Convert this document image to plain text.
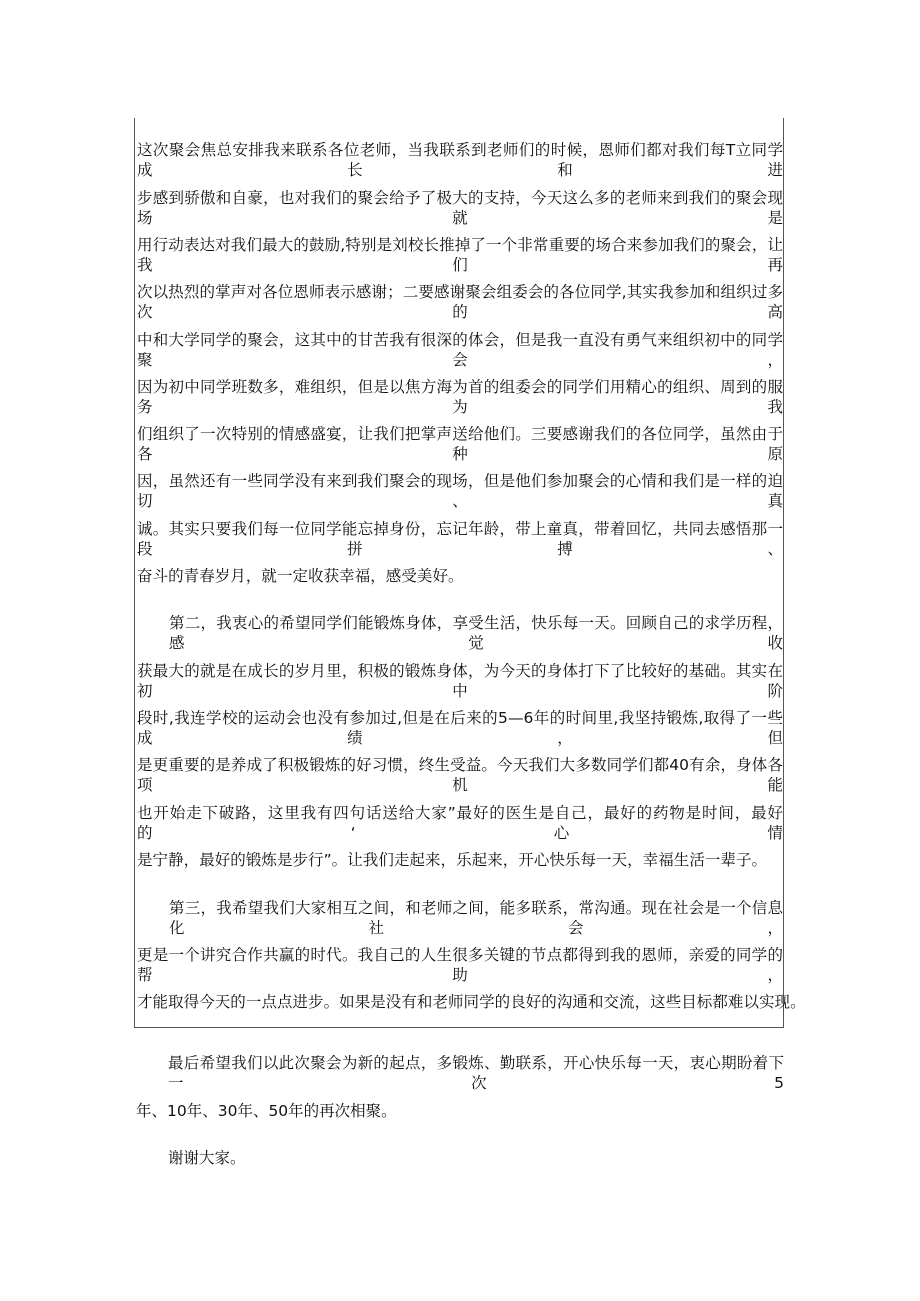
这次聚会焦总安排我来联系各位老师，当我联系到老师们的时候，恩师们都对我们每T立同学成长和进
步感到骄傲和自豪，也对我们的聚会给予了极大的支持，今天这么多的老师来到我们的聚会现场就是
用行动表达对我们最大的鼓励,特别是刘校长推掉了一个非常重要的场合来参加我们的聚会，让我们再
次以热烈的掌声对各位恩师表示感谢；二要感谢聚会组委会的各位同学,其实我参加和组织过多次的高
中和大学同学的聚会，这其中的甘苦我有很深的体会，但是我一直没有勇气来组织初中的同学聚会，
因为初中同学班数多，难组织，但是以焦方海为首的组委会的同学们用精心的组织、周到的服务为我
们组织了一次特别的情感盛宴，让我们把掌声送给他们。三要感谢我们的各位同学，虽然由于各种原
因，虽然还有一些同学没有来到我们聚会的现场，但是他们参加聚会的心情和我们是一样的迫切、真
诚。其实只要我们每一位同学能忘掉身份，忘记年龄，带上童真，带着回忆，共同去感悟那一段拼搏、
奋斗的青春岁月，就一定收获幸福，感受美好。
第二，我衷心的希望同学们能锻炼身体，享受生活，快乐每一天。回顾自己的求学历程，感觉收
获最大的就是在成长的岁月里，积极的锻炼身体，为今天的身体打下了比较好的基础。其实在初中阶
段时,我连学校的运动会也没有参加过,但是在后来的5—6年的时间里,我坚持锻炼,取得了一些成绩，但
是更重要的是养成了积极锻炼的好习惯，终生受益。今天我们大多数同学们都40有余，身体各项机能
也开始走下破路，这里我有四句话送给大家”最好的医生是自己，最好的药物是时间，最好的‘心情
是宁静，最好的锻炼是步行”。让我们走起来，乐起来，开心快乐每一天，幸福生活一辈子。
第三，我希望我们大家相互之间，和老师之间，能多联系，常沟通。现在社会是一个信息化社会，
更是一个讲究合作共赢的时代。我自己的人生很多关键的节点都得到我的恩师，亲爱的同学的帮助，
才能取得今天的一点点进步。如果是没有和老师同学的良好的沟通和交流，这些目标都难以实现。
最后希望我们以此次聚会为新的起点，多锻炼、勤联系，开心快乐每一天，衷心期盼着下一次5
年、10年、30年、50年的再次相聚。
谢谢大家。
